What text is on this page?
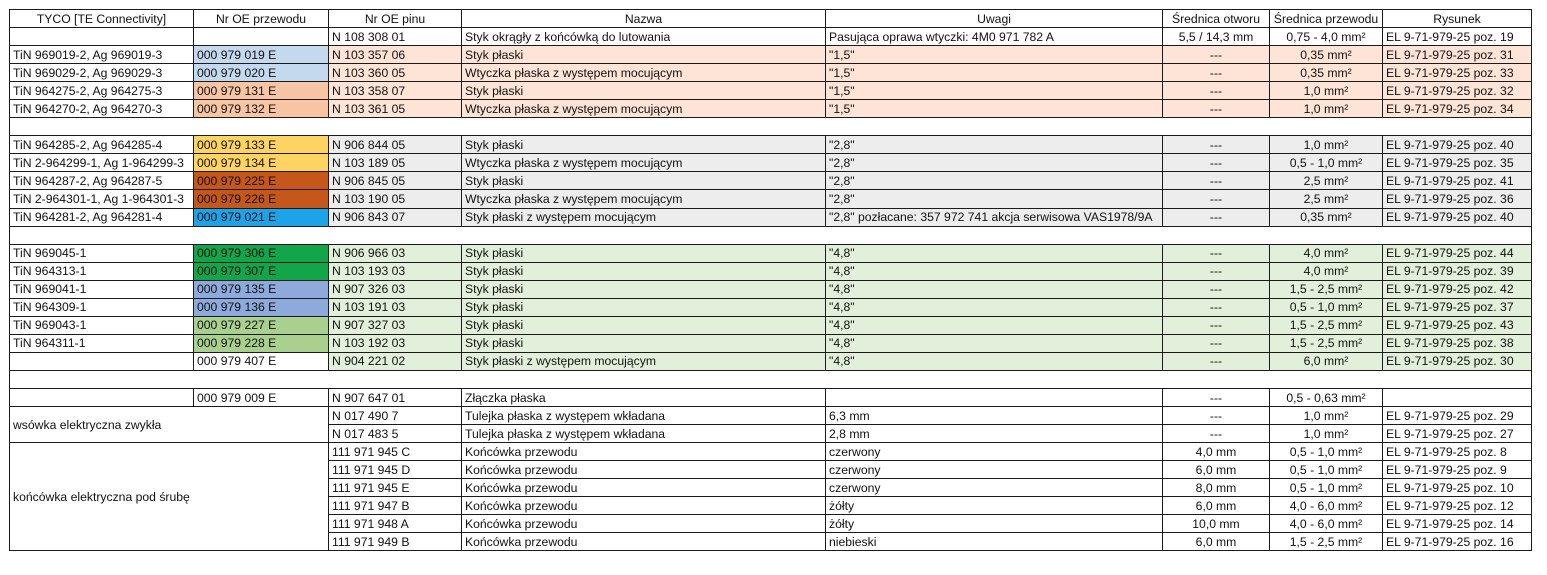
TYCO [TE Connectivity]	Nr OE przewodu	Nr OE pinu	Nazwa	Uwagi	Średnica otworu	Średnica przewodu	Rysunek
		N 108 308 01	Styk okrągły z końcówką do lutowania	Pasująca oprawa wtyczki: 4M0 971 782 A	5,5 / 14,3 mm	0,75 - 4,0 mm²	EL 9-71-979-25 poz. 19
TiN 969019-2, Ag 969019-3	000 979 019 E	N 103 357 06	Styk płaski	"1,5"	---	0,35 mm²	EL 9-71-979-25 poz. 31
TiN 969029-2, Ag 969029-3	000 979 020 E	N 103 360 05	Wtyczka płaska z występem mocującym	"1,5"	---	0,35 mm²	EL 9-71-979-25 poz. 33
TiN 964275-2, Ag 964275-3	000 979 131 E	N 103 358 07	Styk płaski	"1,5"	---	1,0 mm²	EL 9-71-979-25 poz. 32
TiN 964270-2, Ag 964270-3	000 979 132 E	N 103 361 05	Wtyczka płaska z występem mocującym	"1,5"	---	1,0 mm²	EL 9-71-979-25 poz. 34

TiN 964285-2, Ag 964285-4	000 979 133 E	N 906 844 05	Styk płaski	"2,8"	---	1,0 mm²	EL 9-71-979-25 poz. 40
TiN 2-964299-1, Ag 1-964299-3	000 979 134 E	N 103 189 05	Wtyczka płaska z występem mocującym	"2,8"	---	0,5 - 1,0 mm²	EL 9-71-979-25 poz. 35
TiN 964287-2, Ag 964287-5	000 979 225 E	N 906 845 05	Styk płaski	"2,8"	---	2,5 mm²	EL 9-71-979-25 poz. 41
TiN 2-964301-1, Ag 1-964301-3	000 979 226 E	N 103 190 05	Wtyczka płaska z występem mocującym	"2,8"	---	2,5 mm²	EL 9-71-979-25 poz. 36
TiN 964281-2, Ag 964281-4	000 979 021 E	N 906 843 07	Styk płaski z występem mocującym	"2,8" pozłacane: 357 972 741 akcja serwisowa VAS1978/9A	---	0,35 mm²	EL 9-71-979-25 poz. 40

TiN 969045-1	000 979 306 E	N 906 966 03	Styk płaski	"4,8"	---	4,0 mm²	EL 9-71-979-25 poz. 44
TiN 964313-1	000 979 307 E	N 103 193 03	Styk płaski	"4,8"	---	4,0 mm²	EL 9-71-979-25 poz. 39
TiN 969041-1	000 979 135 E	N 907 326 03	Styk płaski	"4,8"	---	1,5 - 2,5 mm²	EL 9-71-979-25 poz. 42
TiN 964309-1	000 979 136 E	N 103 191 03	Styk płaski	"4,8"	---	0,5 - 1,0 mm²	EL 9-71-979-25 poz. 37
TiN 969043-1	000 979 227 E	N 907 327 03	Styk płaski	"4,8"	---	1,5 - 2,5 mm²	EL 9-71-979-25 poz. 43
TiN 964311-1	000 979 228 E	N 103 192 03	Styk płaski	"4,8"	---	1,5 - 2,5 mm²	EL 9-71-979-25 poz. 38
	000 979 407 E	N 904 221 02	Styk płaski z występem mocującym	"4,8"	---	6,0 mm²	EL 9-71-979-25 poz. 30

	000 979 009 E	N 907 647 01	Złączka płaska		---	0,5 - 0,63 mm²	
wsówka elektryczna zwykła		N 017 490 7	Tulejka płaska z występem wkładana	6,3 mm	---	1,0 mm²	EL 9-71-979-25 poz. 29
		N 017 483 5	Tulejka płaska z występem wkładana	2,8 mm	---	1,0 mm²	EL 9-71-979-25 poz. 27
końcówka elektryczna pod śrubę		111 971 945 C	Końcówka przewodu	czerwony	4,0 mm	0,5 - 1,0 mm²	EL 9-71-979-25 poz. 8
		111 971 945 D	Końcówka przewodu	czerwony	6,0 mm	0,5 - 1,0 mm²	EL 9-71-979-25 poz. 9
		111 971 945 E	Końcówka przewodu	czerwony	8,0 mm	0,5 - 1,0 mm²	EL 9-71-979-25 poz. 10
		111 971 947 B	Końcówka przewodu	żółty	6,0 mm	4,0 - 6,0 mm²	EL 9-71-979-25 poz. 12
		111 971 948 A	Końcówka przewodu	żółty	10,0 mm	4,0 - 6,0 mm²	EL 9-71-979-25 poz. 14
		111 971 949 B	Końcówka przewodu	niebieski	6,0 mm	1,5 - 2,5 mm²	EL 9-71-979-25 poz. 16
